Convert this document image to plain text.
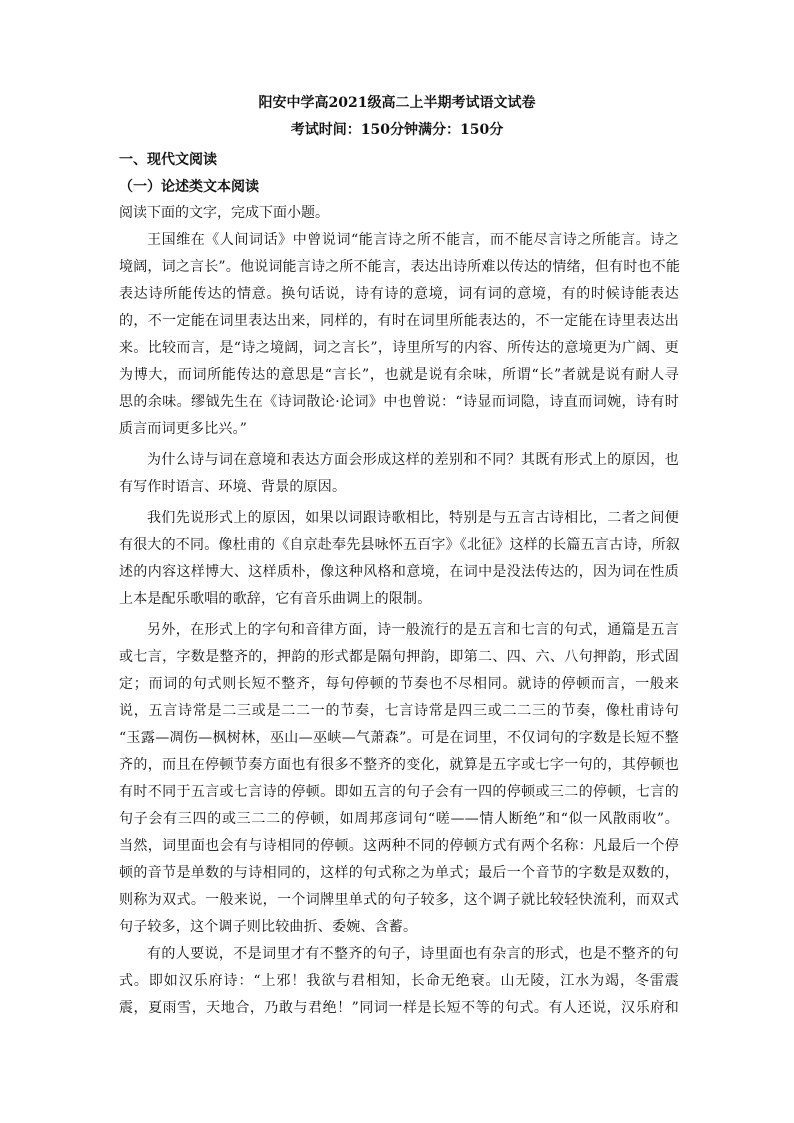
阳安中学高2021级高二上半期考试语文试卷
考试时间：150分钟满分：150分
一、现代文阅读
（一）论述类文本阅读
阅读下面的文字，完成下面小题。
王国维在《人间词话》中曾说词“能言诗之所不能言，而不能尽言诗之所能言。诗之
境阔，词之言长”。他说词能言诗之所不能言，表达出诗所难以传达的情绪，但有时也不能
表达诗所能传达的情意。换句话说，诗有诗的意境，词有词的意境，有的时候诗能表达
的，不一定能在词里表达出来，同样的，有时在词里所能表达的，不一定能在诗里表达出
来。比较而言，是“诗之境阔，词之言长”，诗里所写的内容、所传达的意境更为广阔、更
为博大，而词所能传达的意思是“言长”，也就是说有余味，所谓“长”者就是说有耐人寻
思的余味。缪钺先生在《诗词散论·论词》中也曾说：“诗显而词隐，诗直而词婉，诗有时
质言而词更多比兴。”
为什么诗与词在意境和表达方面会形成这样的差别和不同？其既有形式上的原因，也
有写作时语言、环境、背景的原因。
我们先说形式上的原因，如果以词跟诗歌相比，特别是与五言古诗相比，二者之间便
有很大的不同。像杜甫的《自京赴奉先县咏怀五百字》《北征》这样的长篇五言古诗，所叙
述的内容这样博大、这样质朴，像这种风格和意境，在词中是没法传达的，因为词在性质
上本是配乐歌唱的歌辞，它有音乐曲调上的限制。
另外，在形式上的字句和音律方面，诗一般流行的是五言和七言的句式，通篇是五言
或七言，字数是整齐的，押韵的形式都是隔句押韵，即第二、四、六、八句押韵，形式固
定；而词的句式则长短不整齐，每句停顿的节奏也不尽相同。就诗的停顿而言，一般来
说，五言诗常是二三或是二二一的节奏，七言诗常是四三或二二三的节奏，像杜甫诗句
“玉露—凋伤—枫树林，巫山—巫峡—气萧森”。可是在词里，不仅词句的字数是长短不整
齐的，而且在停顿节奏方面也有很多不整齐的变化，就算是五字或七字一句的，其停顿也
有时不同于五言或七言诗的停顿。即如五言的句子会有一四的停顿或三二的停顿，七言的
句子会有三四的或三二二的停顿，如周邦彦词句“嗟——情人断绝”和“似一风散雨收”。
当然，词里面也会有与诗相同的停顿。这两种不同的停顿方式有两个名称：凡最后一个停
顿的音节是单数的与诗相同的，这样的句式称之为单式；最后一个音节的字数是双数的，
则称为双式。一般来说，一个词牌里单式的句子较多，这个调子就比较轻快流利，而双式
句子较多，这个调子则比较曲折、委婉、含蓄。
有的人要说，不是词里才有不整齐的句子，诗里面也有杂言的形式，也是不整齐的句
式。即如汉乐府诗：“上邪！我欲与君相知，长命无绝衰。山无陵，江水为竭，冬雷震
震，夏雨雪，天地合，乃敢与君绝！”同词一样是长短不等的句式。有人还说，汉乐府和
